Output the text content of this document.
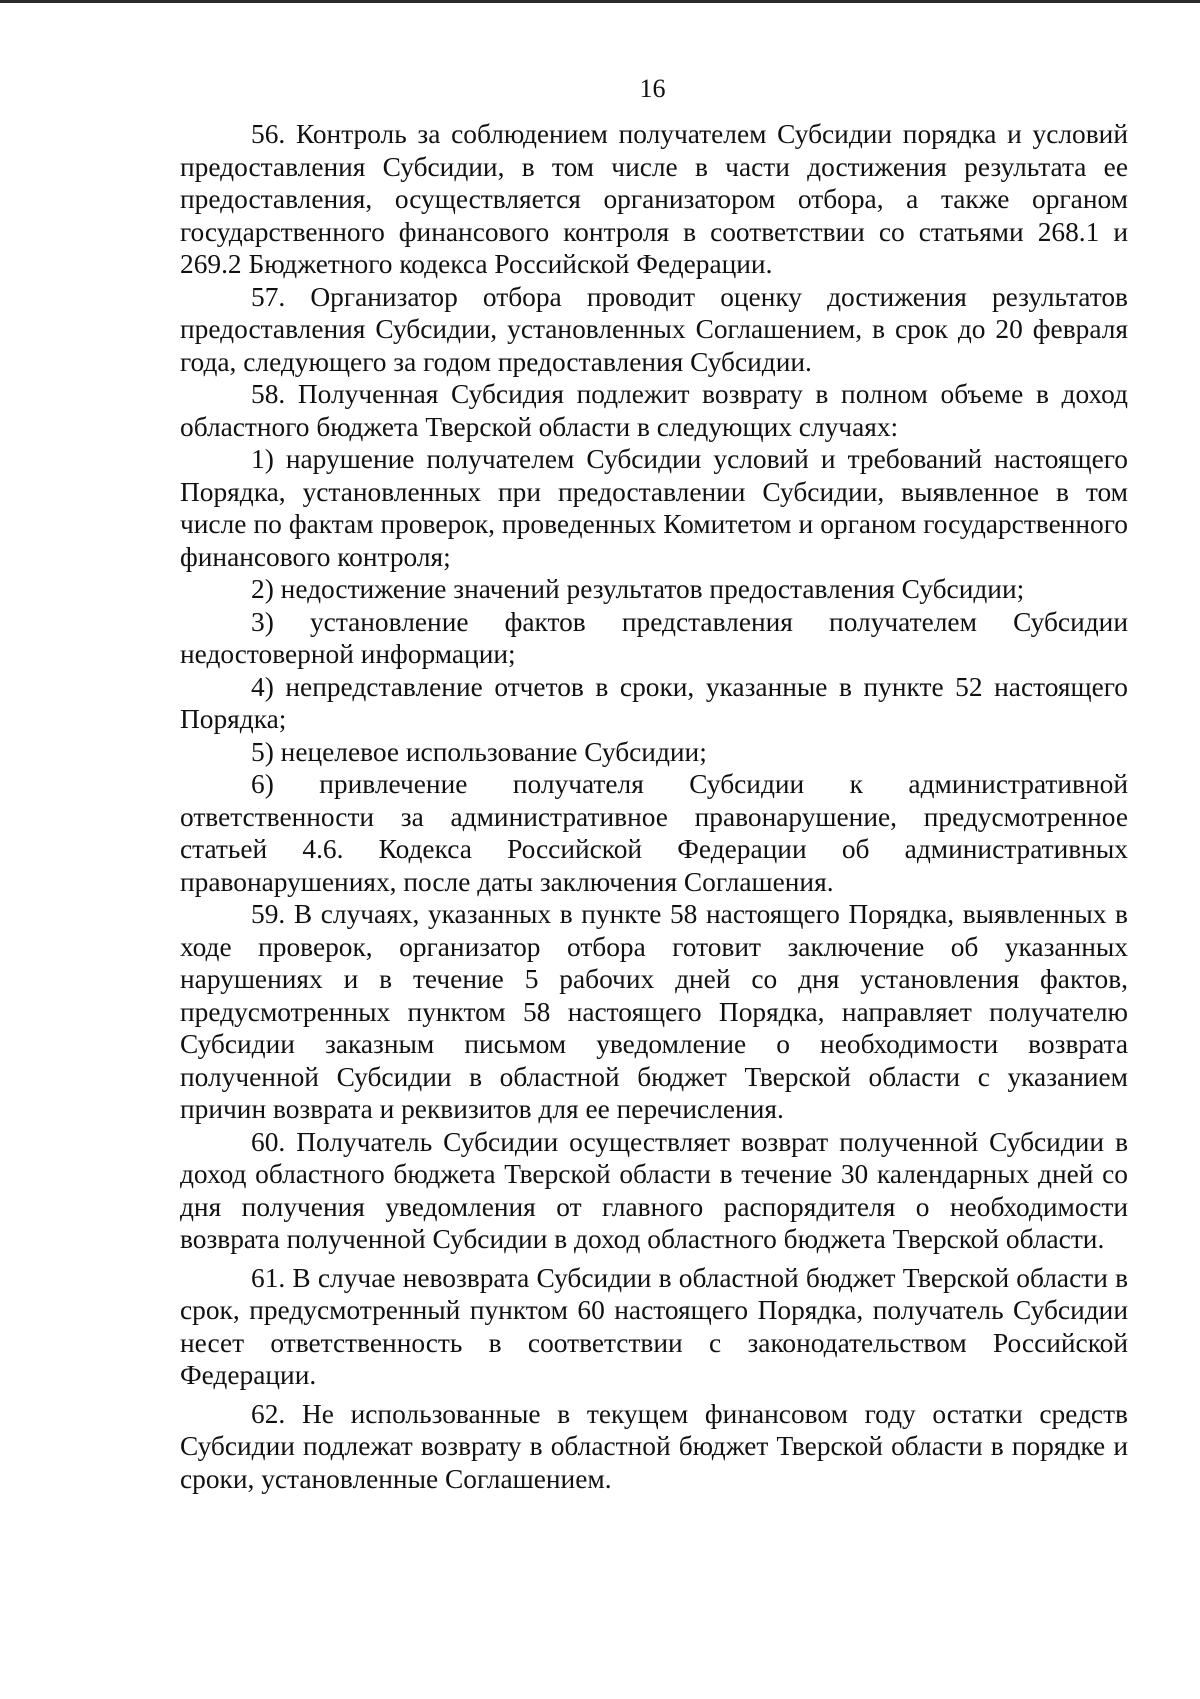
16

56. Контроль за соблюдением получателем Субсидии порядка и условий предоставления Субсидии, в том числе в части достижения результата ее предоставления, осуществляется организатором отбора, а также органом государственного финансового контроля в соответствии со статьями 268.1 и 269.2 Бюджетного кодекса Российской Федерации.

57. Организатор отбора проводит оценку достижения результатов предоставления Субсидии, установленных Соглашением, в срок до 20 февраля года, следующего за годом предоставления Субсидии.

58. Полученная Субсидия подлежит возврату в полном объеме в доход областного бюджета Тверской области в следующих случаях:

1) нарушение получателем Субсидии условий и требований настоящего Порядка, установленных при предоставлении Субсидии, выявленное в том числе по фактам проверок, проведенных Комитетом и органом государственного финансового контроля;

2) недостижение значений результатов предоставления Субсидии;

3) установление фактов представления получателем Субсидии недостоверной информации;

4) непредставление отчетов в сроки, указанные в пункте 52 настоящего Порядка;

5) нецелевое использование Субсидии;

6) привлечение получателя Субсидии к административной ответственности за административное правонарушение, предусмотренное статьей 4.6. Кодекса Российской Федерации об административных правонарушениях, после даты заключения Соглашения.

59. В случаях, указанных в пункте 58 настоящего Порядка, выявленных в ходе проверок, организатор отбора готовит заключение об указанных нарушениях и в течение 5 рабочих дней со дня установления фактов, предусмотренных пунктом 58 настоящего Порядка, направляет получателю Субсидии заказным письмом уведомление о необходимости возврата полученной Субсидии в областной бюджет Тверской области с указанием причин возврата и реквизитов для ее перечисления.

60. Получатель Субсидии осуществляет возврат полученной Субсидии в доход областного бюджета Тверской области в течение 30 календарных дней со дня получения уведомления от главного распорядителя о необходимости возврата полученной Субсидии в доход областного бюджета Тверской области.

61. В случае невозврата Субсидии в областной бюджет Тверской области в срок, предусмотренный пунктом 60 настоящего Порядка, получатель Субсидии несет ответственность в соответствии с законодательством Российской Федерации.

62. Не использованные в текущем финансовом году остатки средств Субсидии подлежат возврату в областной бюджет Тверской области в порядке и сроки, установленные Соглашением.
